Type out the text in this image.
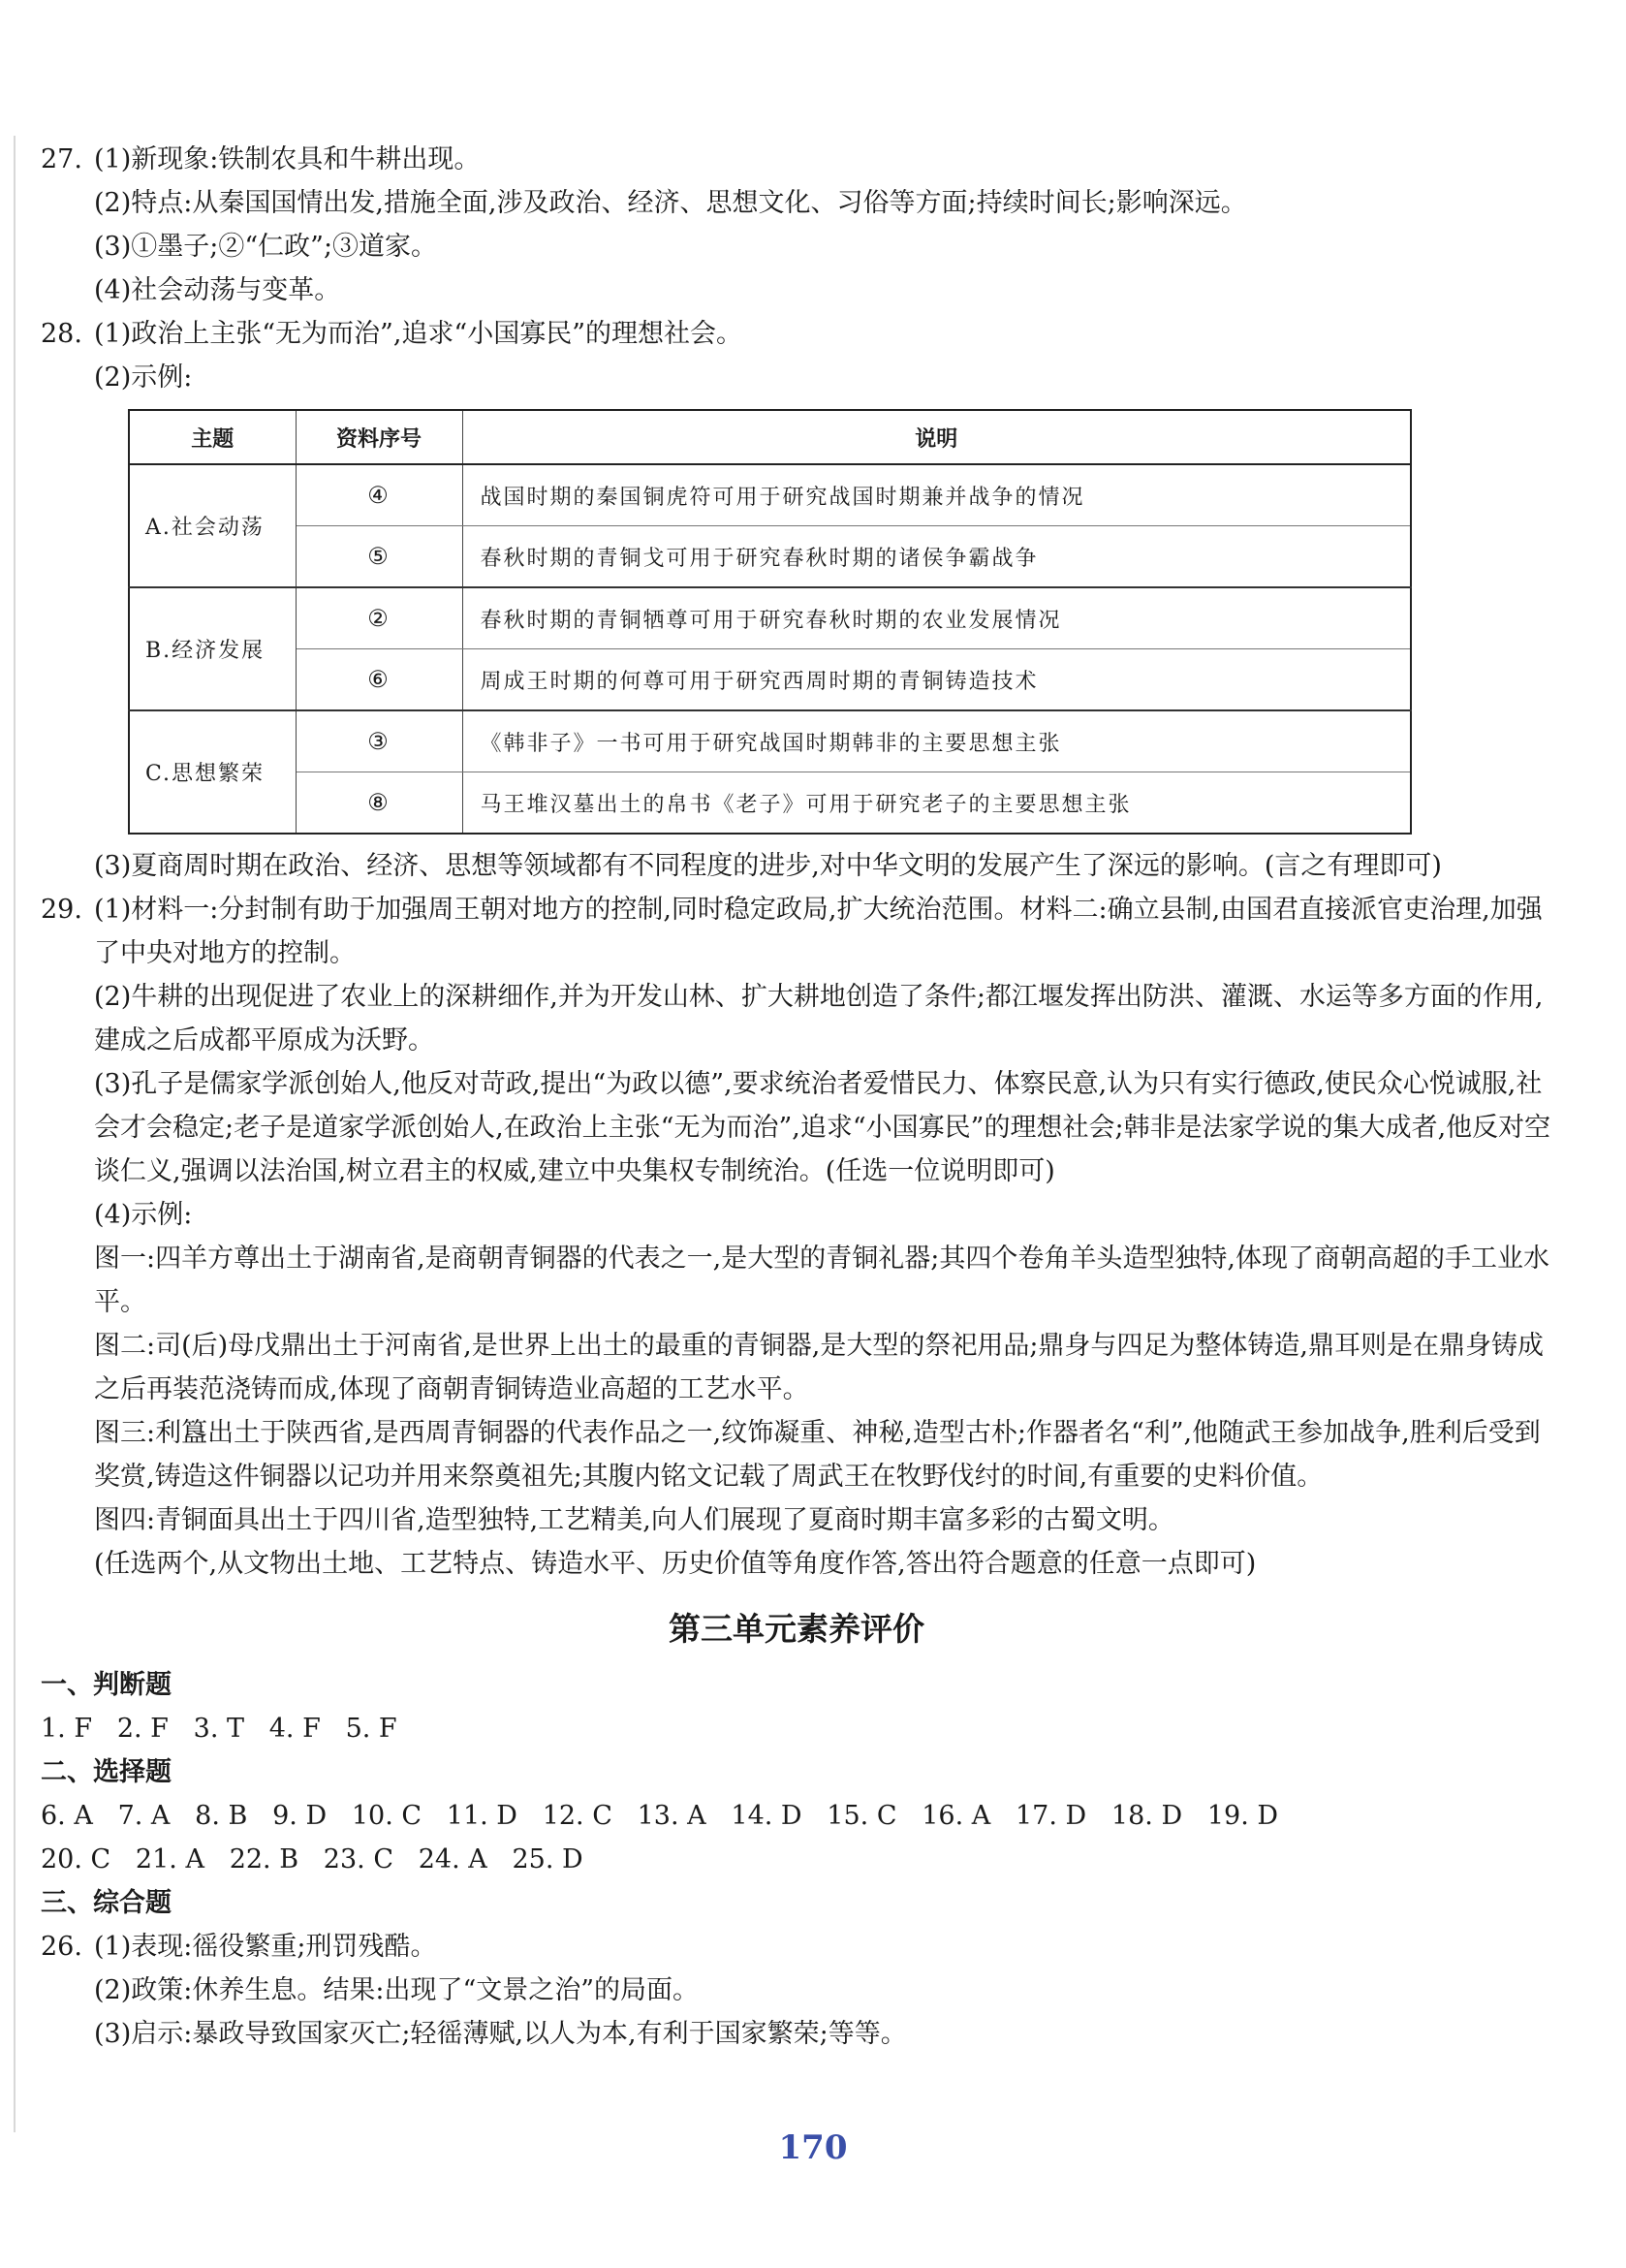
27. (1)新现象:铁制农具和牛耕出现。
(2)特点:从秦国国情出发,措施全面,涉及政治、经济、思想文化、习俗等方面;持续时间长;影响深远。
(3)①墨子;②“仁政”;③道家。
(4)社会动荡与变革。
28. (1)政治上主张“无为而治”,追求“小国寡民”的理想社会。
(2)示例:
主题	资料序号	说明
A.社会动荡	④	战国时期的秦国铜虎符可用于研究战国时期兼并战争的情况
	⑤	春秋时期的青铜戈可用于研究春秋时期的诸侯争霸战争
B.经济发展	②	春秋时期的青铜牺尊可用于研究春秋时期的农业发展情况
	⑥	周成王时期的何尊可用于研究西周时期的青铜铸造技术
C.思想繁荣	③	《韩非子》一书可用于研究战国时期韩非的主要思想主张
	⑧	马王堆汉墓出土的帛书《老子》可用于研究老子的主要思想主张
(3)夏商周时期在政治、经济、思想等领域都有不同程度的进步,对中华文明的发展产生了深远的影响。(言之有理即可)
29. (1)材料一:分封制有助于加强周王朝对地方的控制,同时稳定政局,扩大统治范围。材料二:确立县制,由国君直接派官吏治理,加强了中央对地方的控制。
(2)牛耕的出现促进了农业上的深耕细作,并为开发山林、扩大耕地创造了条件;都江堰发挥出防洪、灌溉、水运等多方面的作用,建成之后成都平原成为沃野。
(3)孔子是儒家学派创始人,他反对苛政,提出“为政以德”,要求统治者爱惜民力、体察民意,认为只有实行德政,使民众心悦诚服,社会才会稳定;老子是道家学派创始人,在政治上主张“无为而治”,追求“小国寡民”的理想社会;韩非是法家学说的集大成者,他反对空谈仁义,强调以法治国,树立君主的权威,建立中央集权专制统治。(任选一位说明即可)
(4)示例:
图一:四羊方尊出土于湖南省,是商朝青铜器的代表之一,是大型的青铜礼器;其四个卷角羊头造型独特,体现了商朝高超的手工业水平。
图二:司(后)母戊鼎出土于河南省,是世界上出土的最重的青铜器,是大型的祭祀用品;鼎身与四足为整体铸造,鼎耳则是在鼎身铸成之后再装范浇铸而成,体现了商朝青铜铸造业高超的工艺水平。
图三:利簋出土于陕西省,是西周青铜器的代表作品之一,纹饰凝重、神秘,造型古朴;作器者名“利”,他随武王参加战争,胜利后受到奖赏,铸造这件铜器以记功并用来祭奠祖先;其腹内铭文记载了周武王在牧野伐纣的时间,有重要的史料价值。
图四:青铜面具出土于四川省,造型独特,工艺精美,向人们展现了夏商时期丰富多彩的古蜀文明。
(任选两个,从文物出土地、工艺特点、铸造水平、历史价值等角度作答,答出符合题意的任意一点即可)
第三单元素养评价
一、判断题
1. F   2. F   3. T   4. F   5. F
二、选择题
6. A   7. A   8. B   9. D   10. C   11. D   12. C   13. A   14. D   15. C   16. A   17. D   18. D   19. D
20. C   21. A   22. B   23. C   24. A   25. D
三、综合题
26. (1)表现:徭役繁重;刑罚残酷。
(2)政策:休养生息。结果:出现了“文景之治”的局面。
(3)启示:暴政导致国家灭亡;轻徭薄赋,以人为本,有利于国家繁荣;等等。
170
